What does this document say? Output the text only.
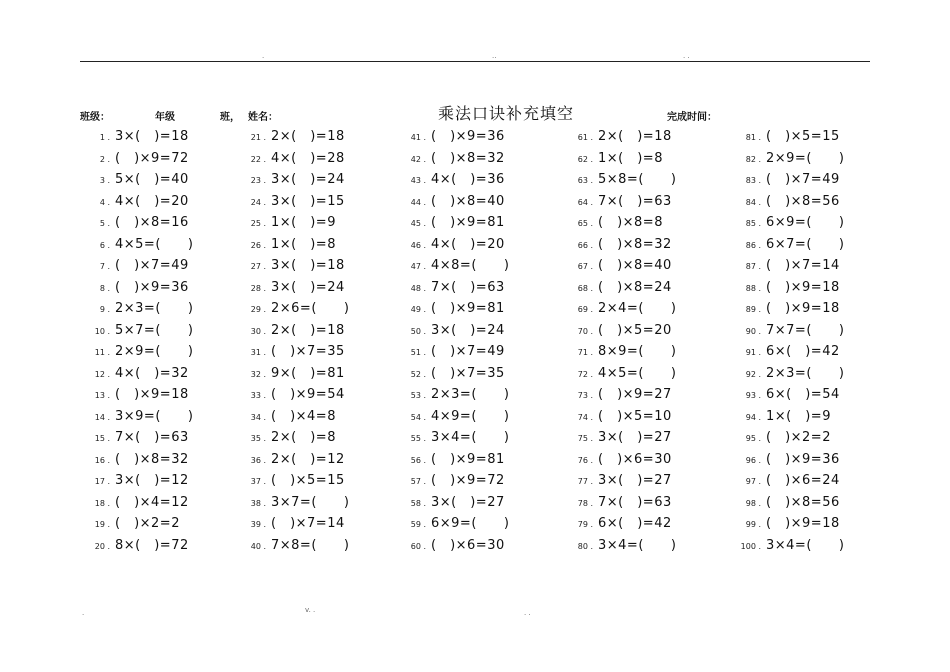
.	..	. .
班级：	年级	班， 姓名：	乘法口诀补充填空	完成时间：
1 . 3×(　)=18
2 . (　)×9=72
3 . 5×(　)=40
4 . 4×(　)=20
5 . (　)×8=16
6 . 4×5=(　　)
7 . (　)×7=49
8 . (　)×9=36
9 . 2×3=(　　)
10 . 5×7=(　　)
11 . 2×9=(　　)
12 . 4×(　)=32
13 . (　)×9=18
14 . 3×9=(　　)
15 . 7×(　)=63
16 . (　)×8=32
17 . 3×(　)=12
18 . (　)×4=12
19 . (　)×2=2
20 . 8×(　)=72
21 . 2×(　)=18
22 . 4×(　)=28
23 . 3×(　)=24
24 . 3×(　)=15
25 . 1×(　)=9
26 . 1×(　)=8
27 . 3×(　)=18
28 . 3×(　)=24
29 . 2×6=(　　)
30 . 2×(　)=18
31 . (　)×7=35
32 . 9×(　)=81
33 . (　)×9=54
34 . (　)×4=8
35 . 2×(　)=8
36 . 2×(　)=12
37 . (　)×5=15
38 . 3×7=(　　)
39 . (　)×7=14
40 . 7×8=(　　)
41 . (　)×9=36
42 . (　)×8=32
43 . 4×(　)=36
44 . (　)×8=40
45 . (　)×9=81
46 . 4×(　)=20
47 . 4×8=(　　)
48 . 7×(　)=63
49 . (　)×9=81
50 . 3×(　)=24
51 . (　)×7=49
52 . (　)×7=35
53 . 2×3=(　　)
54 . 4×9=(　　)
55 . 3×4=(　　)
56 . (　)×9=81
57 . (　)×9=72
58 . 3×(　)=27
59 . 6×9=(　　)
60 . (　)×6=30
61 . 2×(　)=18
62 . 1×(　)=8
63 . 5×8=(　　)
64 . 7×(　)=63
65 . (　)×8=8
66 . (　)×8=32
67 . (　)×8=40
68 . (　)×8=24
69 . 2×4=(　　)
70 . (　)×5=20
71 . 8×9=(　　)
72 . 4×5=(　　)
73 . (　)×9=27
74 . (　)×5=10
75 . 3×(　)=27
76 . (　)×6=30
77 . 3×(　)=27
78 . 7×(　)=63
79 . 6×(　)=42
80 . 3×4=(　　)
81 . (　)×5=15
82 . 2×9=(　　)
83 . (　)×7=49
84 . (　)×8=56
85 . 6×9=(　　)
86 . 6×7=(　　)
87 . (　)×7=14
88 . (　)×9=18
89 . (　)×9=18
90 . 7×7=(　　)
91 . 6×(　)=42
92 . 2×3=(　　)
93 . 6×(　)=54
94 . 1×(　)=9
95 . (　)×2=2
96 . (　)×9=36
97 . (　)×6=24
98 . (　)×8=56
99 . (　)×9=18
100 . 3×4=(　　)
.	v. .	. .
